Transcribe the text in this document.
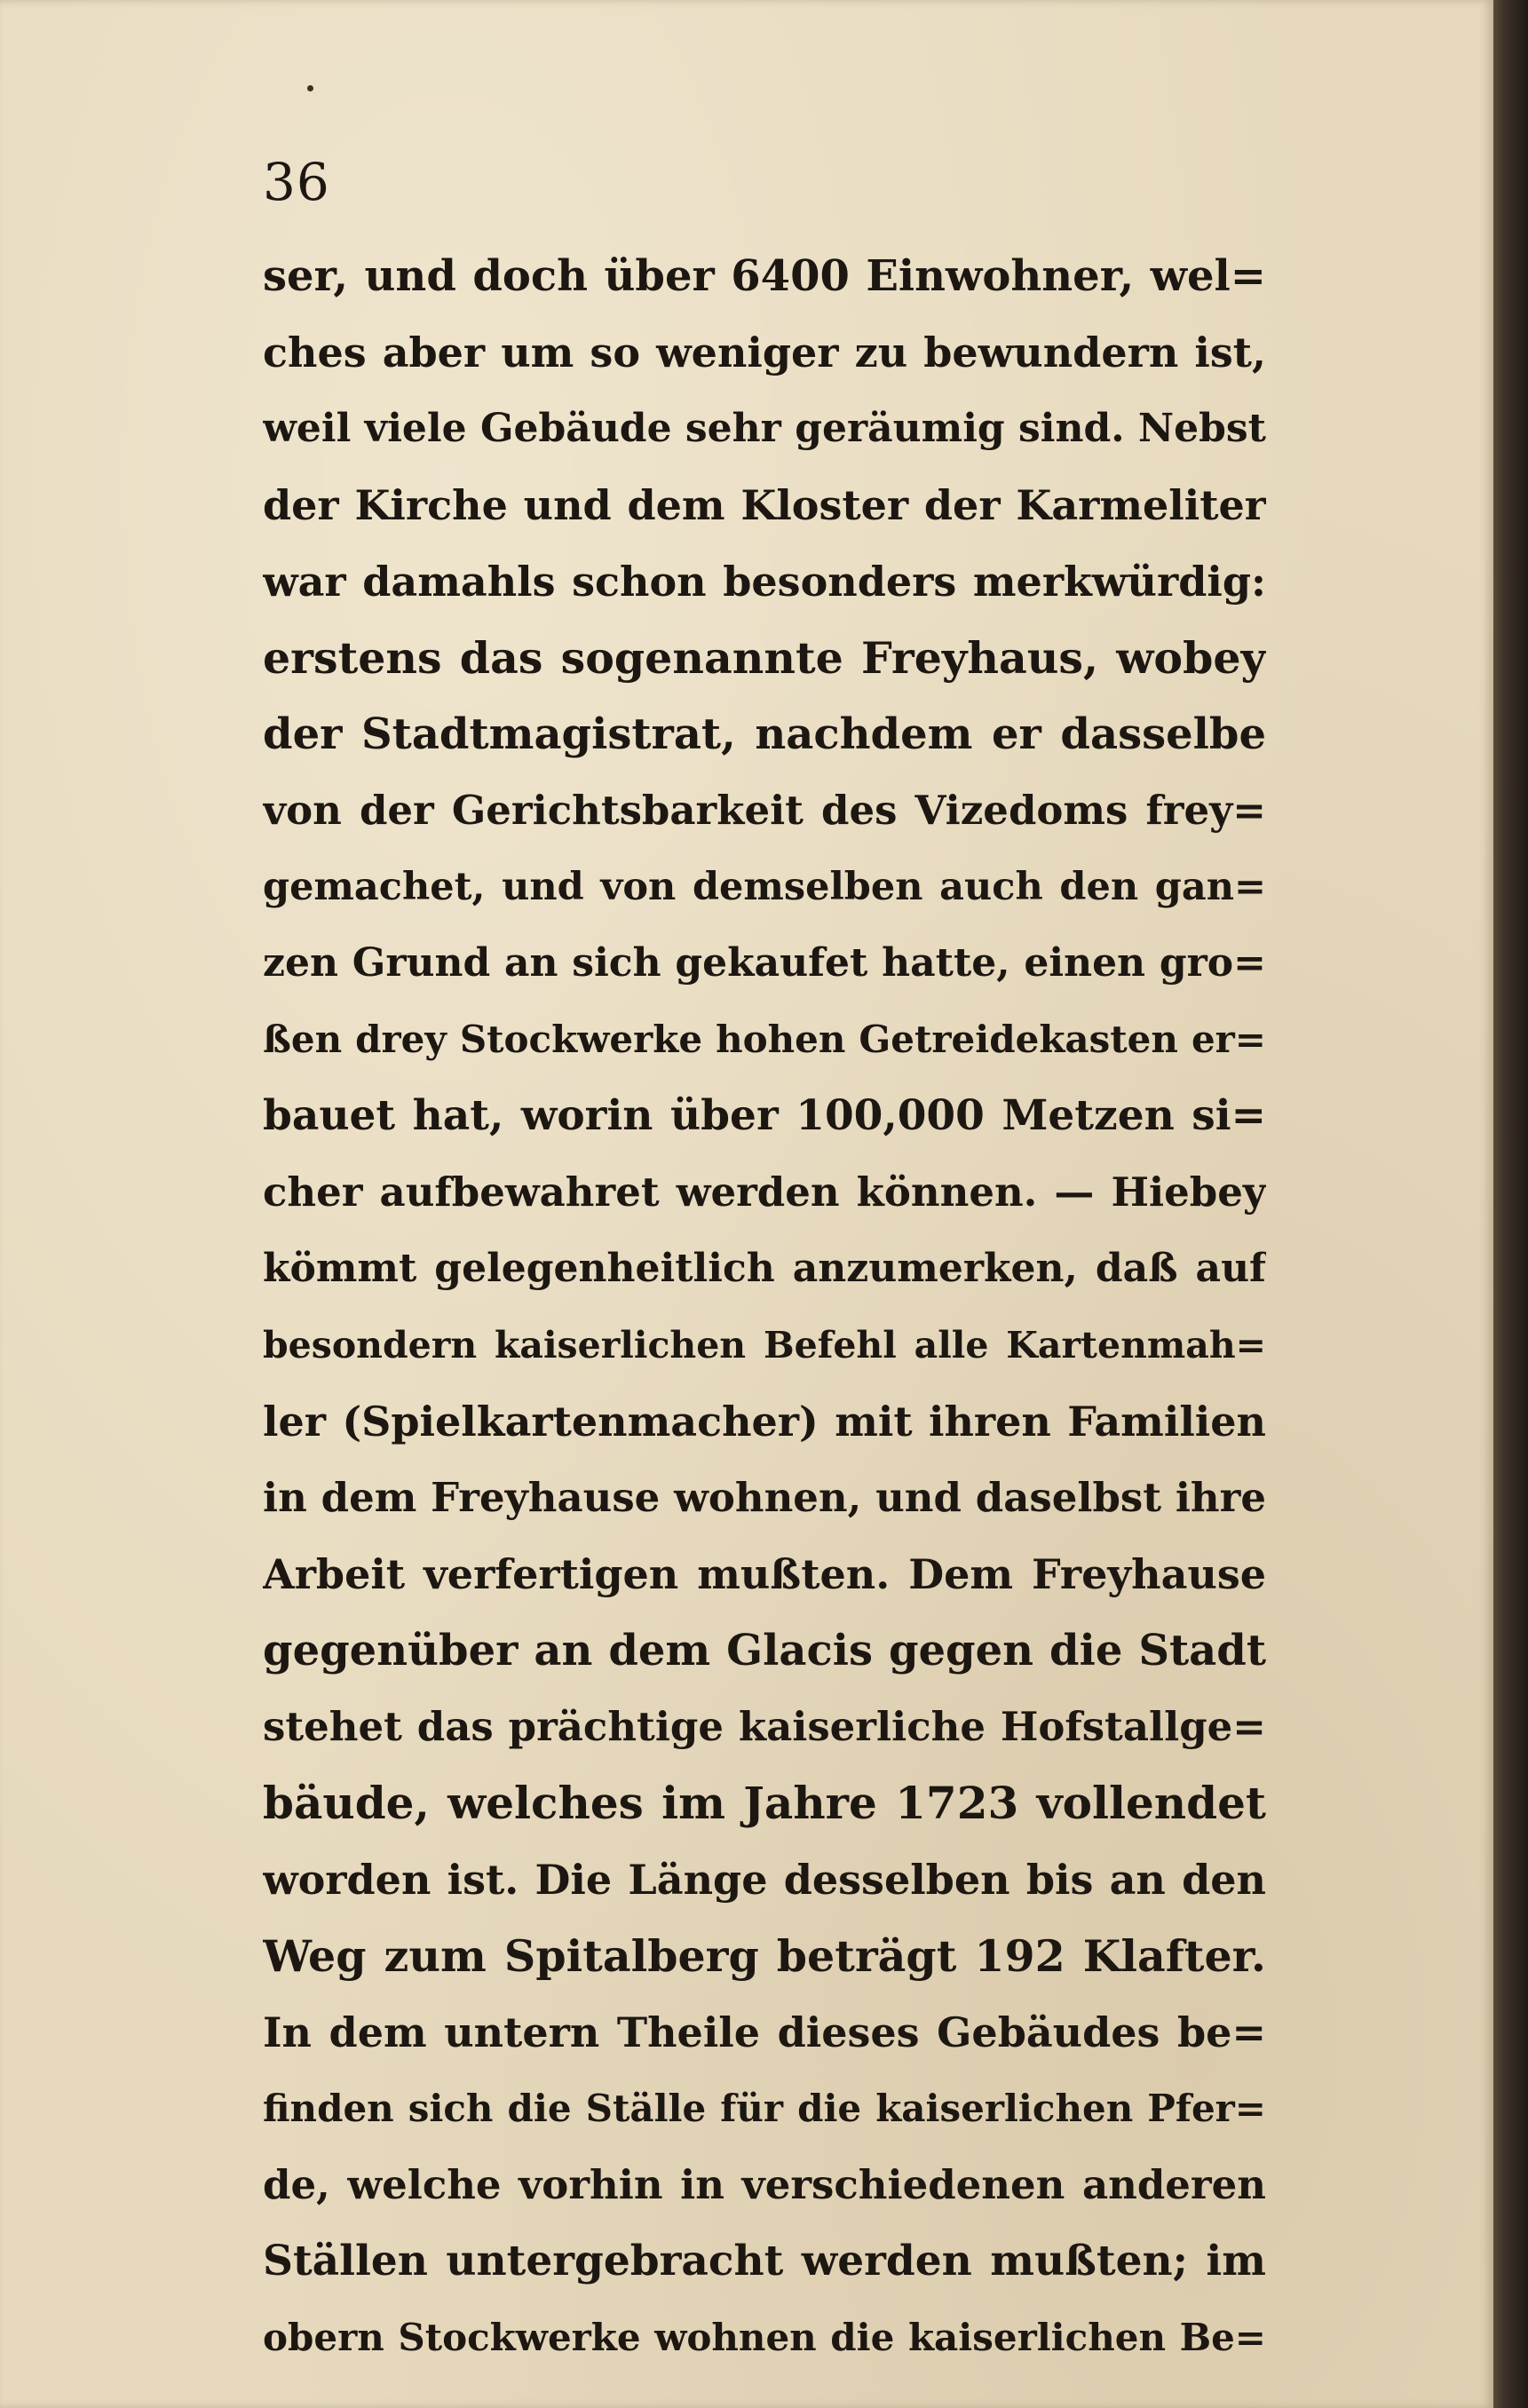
36
ser, und doch über 6400 Einwohner, wel=
ches aber um so weniger zu bewundern ist,
weil viele Gebäude sehr geräumig sind. Nebst
der Kirche und dem Kloster der Karmeliter
war damahls schon besonders merkwürdig:
erstens das sogenannte Freyhaus, wobey
der Stadtmagistrat, nachdem er dasselbe
von der Gerichtsbarkeit des Vizedoms frey=
gemachet, und von demselben auch den gan=
zen Grund an sich gekaufet hatte, einen gro=
ßen drey Stockwerke hohen Getreidekasten er=
bauet hat, worin über 100,000 Metzen si=
cher aufbewahret werden können. — Hiebey
kömmt gelegenheitlich anzumerken, daß auf
besondern kaiserlichen Befehl alle Kartenmah=
ler (Spielkartenmacher) mit ihren Familien
in dem Freyhause wohnen, und daselbst ihre
Arbeit verfertigen mußten. Dem Freyhause
gegenüber an dem Glacis gegen die Stadt
stehet das prächtige kaiserliche Hofstallge=
bäude, welches im Jahre 1723 vollendet
worden ist. Die Länge desselben bis an den
Weg zum Spitalberg beträgt 192 Klafter.
In dem untern Theile dieses Gebäudes be=
finden sich die Ställe für die kaiserlichen Pfer=
de, welche vorhin in verschiedenen anderen
Ställen untergebracht werden mußten; im
obern Stockwerke wohnen die kaiserlichen Be=
